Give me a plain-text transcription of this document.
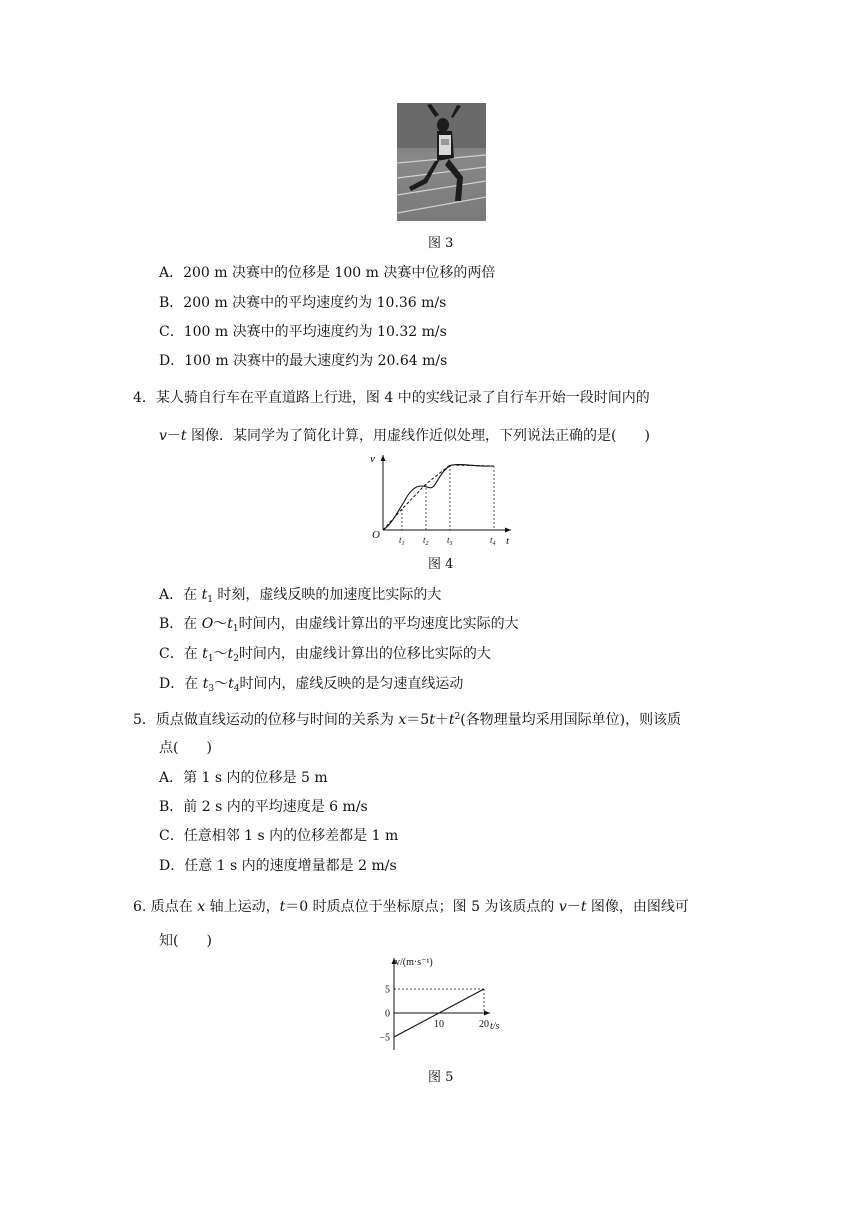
图 3
A．200 m 决赛中的位移是 100 m 决赛中位移的两倍
B．200 m 决赛中的平均速度约为 10.36 m/s
C．100 m 决赛中的平均速度约为 10.32 m/s
D．100 m 决赛中的最大速度约为 20.64 m/s
4．某人骑自行车在平直道路上行进，图 4 中的实线记录了自行车开始一段时间内的
v－t 图像．某同学为了简化计算，用虚线作近似处理，下列说法正确的是(　　)
v
t
O $t_1$ $t_2$ $t_3$	$t_4$
图 4
A．在 $t_1$ 时刻，虚线反映的加速度比实际的大
B．在 $O\sim t_1$时间内，由虚线计算出的平均速度比实际的大
C．在 $t_1\sim t_2$时间内，由虚线计算出的位移比实际的大
D．在 $t_3\sim t_4$时间内，虚线反映的是匀速直线运动
5．质点做直线运动的位移与时间的关系为 $x=5t+t^2$(各物理量均采用国际单位)，则该质
点(　　)
A．第 1 s 内的位移是 5 m
B．前 2 s 内的平均速度是 6 m/s
C．任意相邻 1 s 内的位移差都是 1 m
D．任意 1 s 内的速度增量都是 2 m/s
6. 质点在 x 轴上运动，t＝0 时质点位于坐标原点；图 5 为该质点的 v－t 图像，由图线可
知(　　)
v/(m·s⁻¹)
t/s
5
0
−5
10	20
图 5
